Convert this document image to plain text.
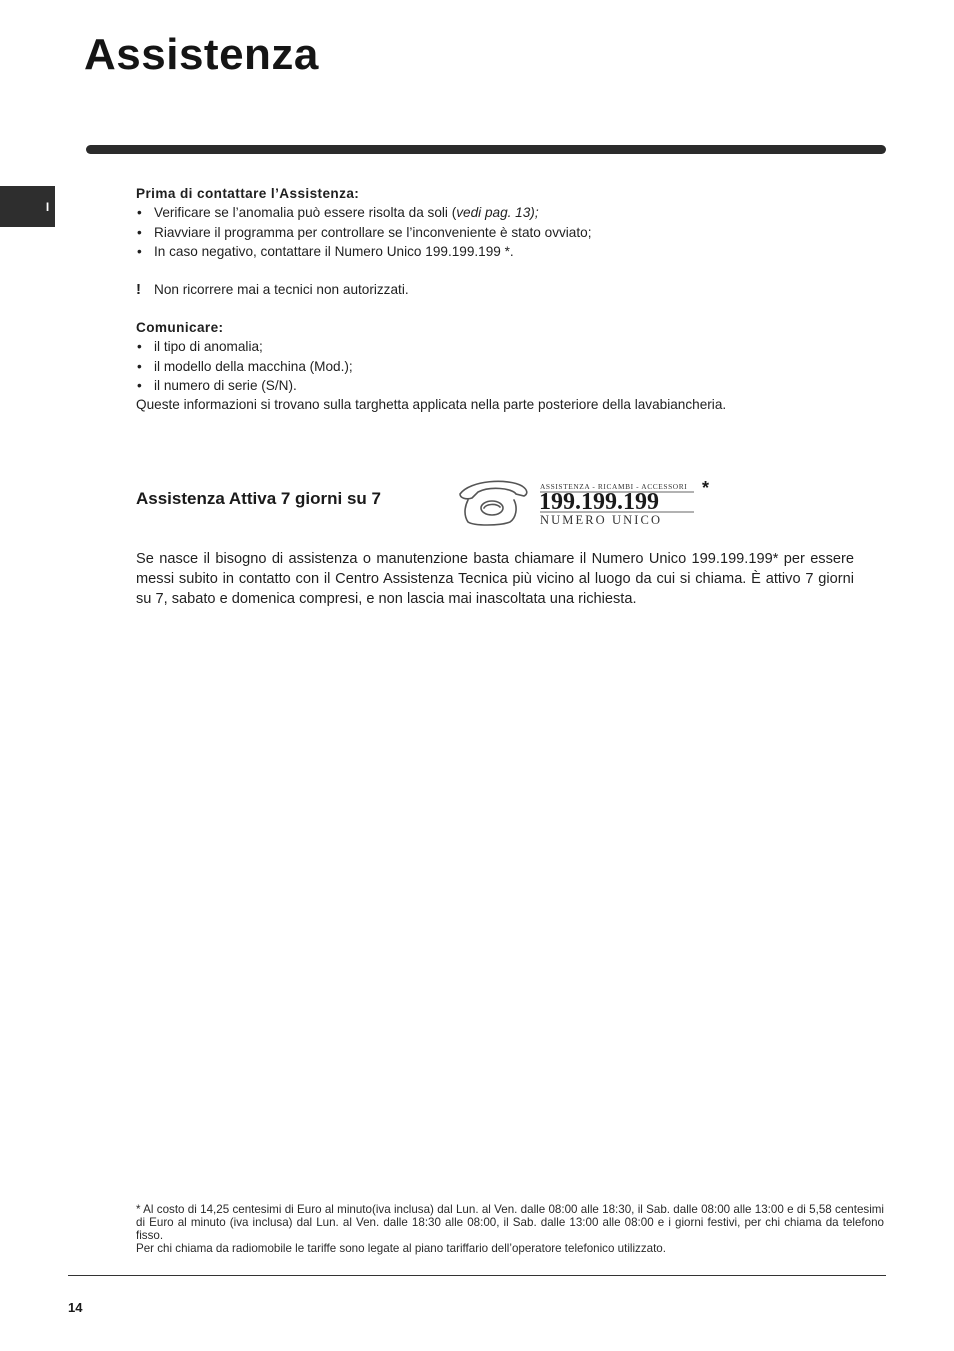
Assistenza
I
Prima di contattare l’Assistenza:
• Verificare se l’anomalia può essere risolta da soli (vedi pag. 13);
• Riavviare il programma per controllare se l’inconveniente è stato ovviato;
• In caso negativo, contattare il Numero Unico 199.199.199 *.
! Non ricorrere mai a tecnici non autorizzati.
Comunicare:
• il tipo di anomalia;
• il modello della macchina (Mod.);
• il numero di serie (S/N).
Queste informazioni si trovano sulla targhetta applicata nella parte posteriore della lavabiancheria.
Assistenza Attiva 7 giorni su 7
ASSISTENZA - RICAMBI - ACCESSORI
199.199.199
NUMERO UNICO
*
Se nasce il bisogno di assistenza o manutenzione basta chiamare il Numero Unico 199.199.199* per essere messi subito in contatto con il Centro Assistenza Tecnica più vicino al luogo da cui si chiama. È attivo 7 giorni su 7, sabato e domenica compresi, e non lascia mai inascoltata una richiesta.
* Al costo di 14,25 centesimi di Euro al minuto(iva inclusa) dal Lun. al Ven. dalle 08:00 alle 18:30, il Sab. dalle 08:00 alle 13:00 e di 5,58 centesimi di Euro al minuto (iva inclusa) dal Lun. al Ven. dalle 18:30 alle 08:00, il Sab. dalle 13:00 alle 08:00 e i giorni festivi, per chi chiama da telefono fisso.
Per chi chiama da radiomobile le tariffe sono legate al piano tariffario dell’operatore telefonico utilizzato.
14
